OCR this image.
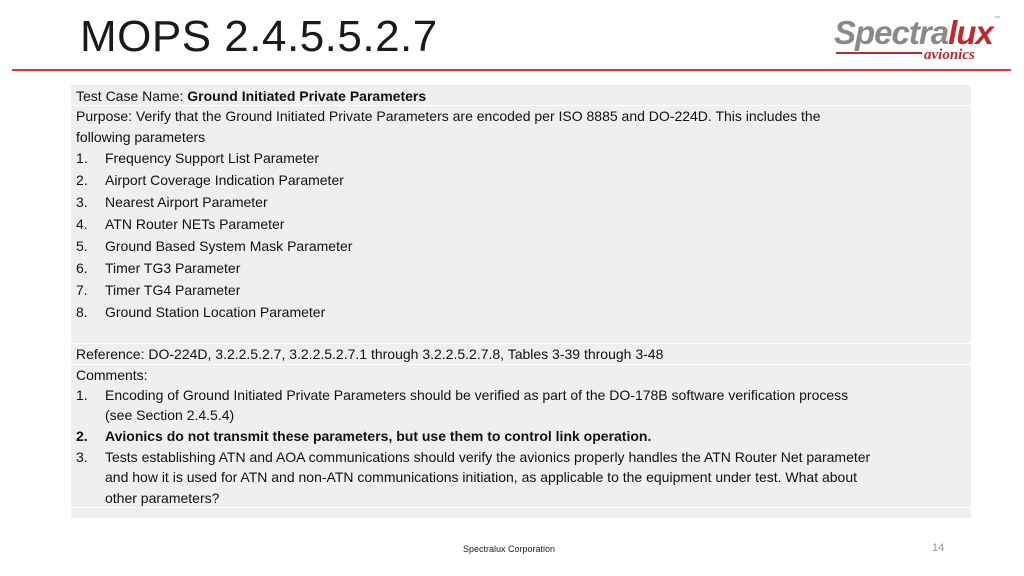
MOPS 2.4.5.5.2.7	Spectralux ™
avionics
Test Case Name: Ground Initiated Private Parameters
Purpose: Verify that the Ground Initiated Private Parameters are encoded per ISO 8885 and DO-224D. This includes the
following parameters
1. Frequency Support List Parameter
2. Airport Coverage Indication Parameter
3. Nearest Airport Parameter
4. ATN Router NETs Parameter
5. Ground Based System Mask Parameter
6. Timer TG3 Parameter
7. Timer TG4 Parameter
8. Ground Station Location Parameter
Reference: DO-224D, 3.2.2.5.2.7, 3.2.2.5.2.7.1 through 3.2.2.5.2.7.8, Tables 3-39 through 3-48
Comments:
1. Encoding of Ground Initiated Private Parameters should be verified as part of the DO-178B software verification process
(see Section 2.4.5.4)
2. Avionics do not transmit these parameters, but use them to control link operation.
3. Tests establishing ATN and AOA communications should verify the avionics properly handles the ATN Router Net parameter
and how it is used for ATN and non-ATN communications initiation, as applicable to the equipment under test. What about
other parameters?
Spectralux Corporation	14
